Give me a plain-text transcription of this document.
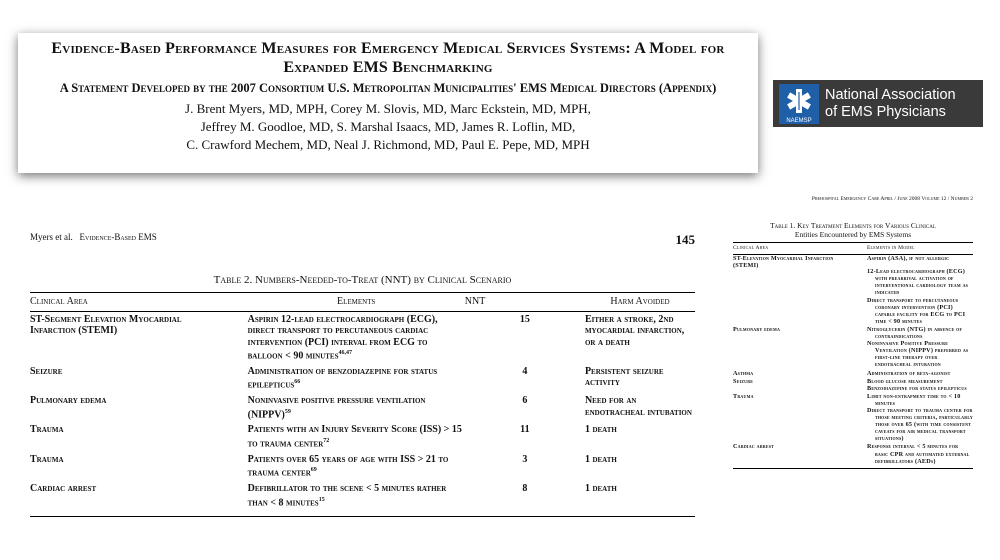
Evidence-Based Performance Measures for Emergency Medical Services Systems: A Model for Expanded EMS Benchmarking
A Statement Developed by the 2007 Consortium U.S. Metropolitan Municipalities' EMS Medical Directors (Appendix)
J. Brent Myers, MD, MPH, Corey M. Slovis, MD, Marc Eckstein, MD, MPH,
Jeffrey M. Goodloe, MD, S. Marshal Isaacs, MD, James R. Loflin, MD,
C. Crawford Mechem, MD, Neal J. Richmond, MD, Paul E. Pepe, MD, MPH
NAEMSP
National Association
of EMS Physicians
Myers et al. Evidence-Based EMS	145
Table 2. Numbers-Needed-to-Treat (NNT) by Clinical Scenario
Clinical Area	Elements	NNT	Harm Avoided
ST-Segment Elevation Myocardial Infarction (STEMI)	Aspirin 12-lead electrocardiograph (ECG), direct transport to percutaneous cardiac intervention (PCI) interval from ECG to balloon < 90 minutes$^{46,47}$	15	Either a stroke, 2nd myocardial infarction, or a death
Seizure	Administration of benzodiazepine for status epilepticus$^{66}$	4	Persistent seizure activity
Pulmonary edema	Noninvasive positive pressure ventilation (NIPPV)$^{59}$	6	Need for an endotracheal intubation
Trauma	Patients with an Injury Severity Score (ISS) > 15 to trauma center$^{72}$	11	1 death
Trauma	Patients over 65 years of age with ISS > 21 to trauma center$^{69}$	3	1 death
Cardiac arrest	Defibrillator to the scene < 5 minutes rather than < 8 minutes$^{15}$	8	1 death
Prehospital Emergency Care April / June 2008 Volume 12 / Number 2
Table 1. Key Treatment Elements for Various Clinical
Entities Encountered by EMS Systems
Clinical Area	Elements in Model
ST-Elevation Myocardial Infarction (STEMI)	Aspirin (ASA), if not allergic
12-Lead electrocardiograph (ECG) with prearrival activation of interventional cardiology team as indicated
Direct transport to percutaneous coronary intervention (PCI) capable facility for ECG to PCI time < 90 minutes

Pulmonary edema	Nitroglycerin (NTG) in absence of contraindications
Noninvasive Positive Pressure Ventilation (NIPPV) preferred as first-line therapy over endotracheal intubation

Asthma	Administration of beta-agonist

Seizure	Blood glucose measurement
Benzodiazepine for status epilepticus

Trauma	Limit non-entrapment time to < 10 minutes
Direct transport to trauma center for those meeting criteria, particularly those over 65 (with time consistent caveats for air medical transport situations)

Cardiac arrest	Response interval < 5 minutes for basic CPR and automated external defibrillators (AEDs)
